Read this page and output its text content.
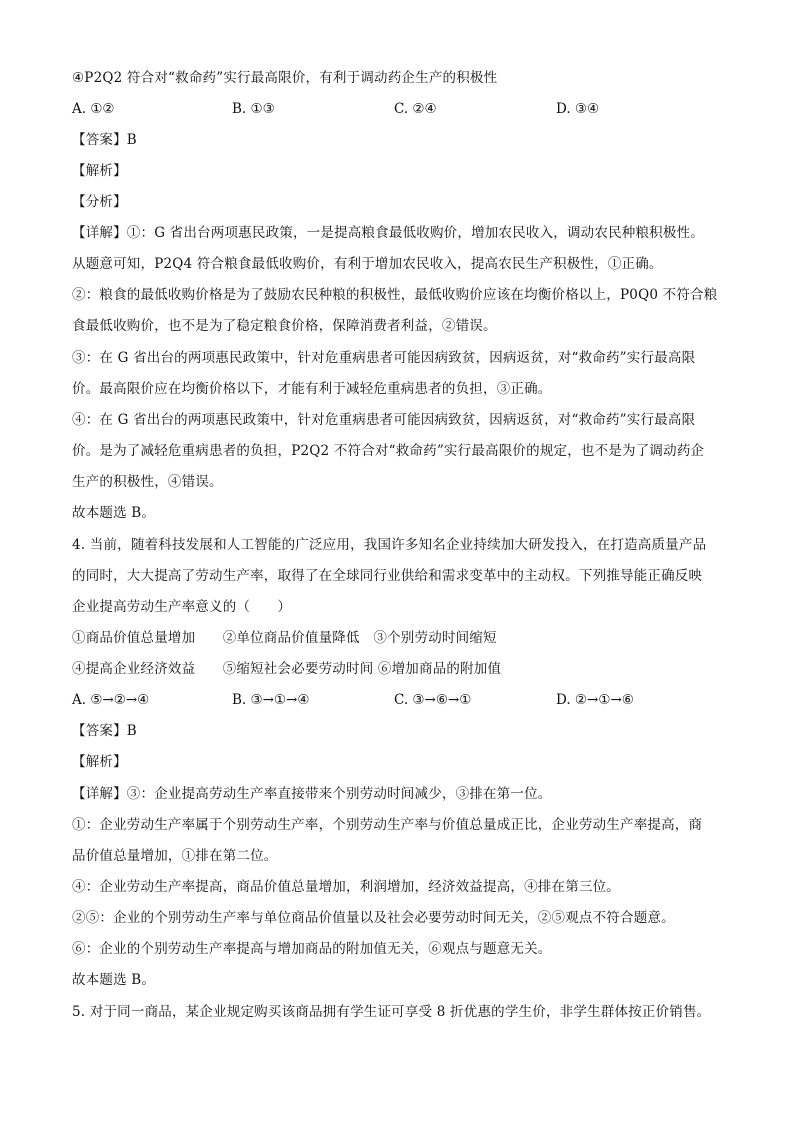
④P2Q2 符合对“救命药”实行最高限价，有利于调动药企生产的积极性
A. ①②	B. ①③	C. ②④	D. ③④
【答案】B
【解析】
【分析】
【详解】①：G 省出台两项惠民政策，一是提高粮食最低收购价，增加农民收入，调动农民种粮积极性。
从题意可知，P2Q4 符合粮食最低收购价，有利于增加农民收入，提高农民生产积极性，①正确。
②：粮食的最低收购价格是为了鼓励农民种粮的积极性，最低收购价应该在均衡价格以上，P0Q0 不符合粮
食最低收购价，也不是为了稳定粮食价格，保障消费者利益，②错误。
③：在 G 省出台的两项惠民政策中，针对危重病患者可能因病致贫，因病返贫，对“救命药”实行最高限
价。最高限价应在均衡价格以下，才能有利于减轻危重病患者的负担，③正确。
④：在 G 省出台的两项惠民政策中，针对危重病患者可能因病致贫，因病返贫，对“救命药”实行最高限
价。是为了减轻危重病患者的负担，P2Q2 不符合对“救命药”实行最高限价的规定，也不是为了调动药企
生产的积极性，④错误。
故本题选 B。
4. 当前，随着科技发展和人工智能的广泛应用，我国许多知名企业持续加大研发投入，在打造高质量产品
的同时，大大提高了劳动生产率，取得了在全球同行业供给和需求变革中的主动权。下列推导能正确反映
企业提高劳动生产率意义的（　　）
①商品价值总量增加　　②单位商品价值量降低　③个别劳动时间缩短
④提高企业经济效益　　⑤缩短社会必要劳动时间 ⑥增加商品的附加值
A. ⑤→②→④	B. ③→①→④	C. ③→⑥→①	D. ②→①→⑥
【答案】B
【解析】
【详解】③：企业提高劳动生产率直接带来个别劳动时间减少，③排在第一位。
①：企业劳动生产率属于个别劳动生产率，个别劳动生产率与价值总量成正比，企业劳动生产率提高，商
品价值总量增加，①排在第二位。
④：企业劳动生产率提高，商品价值总量增加，利润增加，经济效益提高，④排在第三位。
②⑤：企业的个别劳动生产率与单位商品价值量以及社会必要劳动时间无关，②⑤观点不符合题意。
⑥：企业的个别劳动生产率提高与增加商品的附加值无关，⑥观点与题意无关。
故本题选 B。
5. 对于同一商品，某企业规定购买该商品拥有学生证可享受 8 折优惠的学生价，非学生群体按正价销售。
